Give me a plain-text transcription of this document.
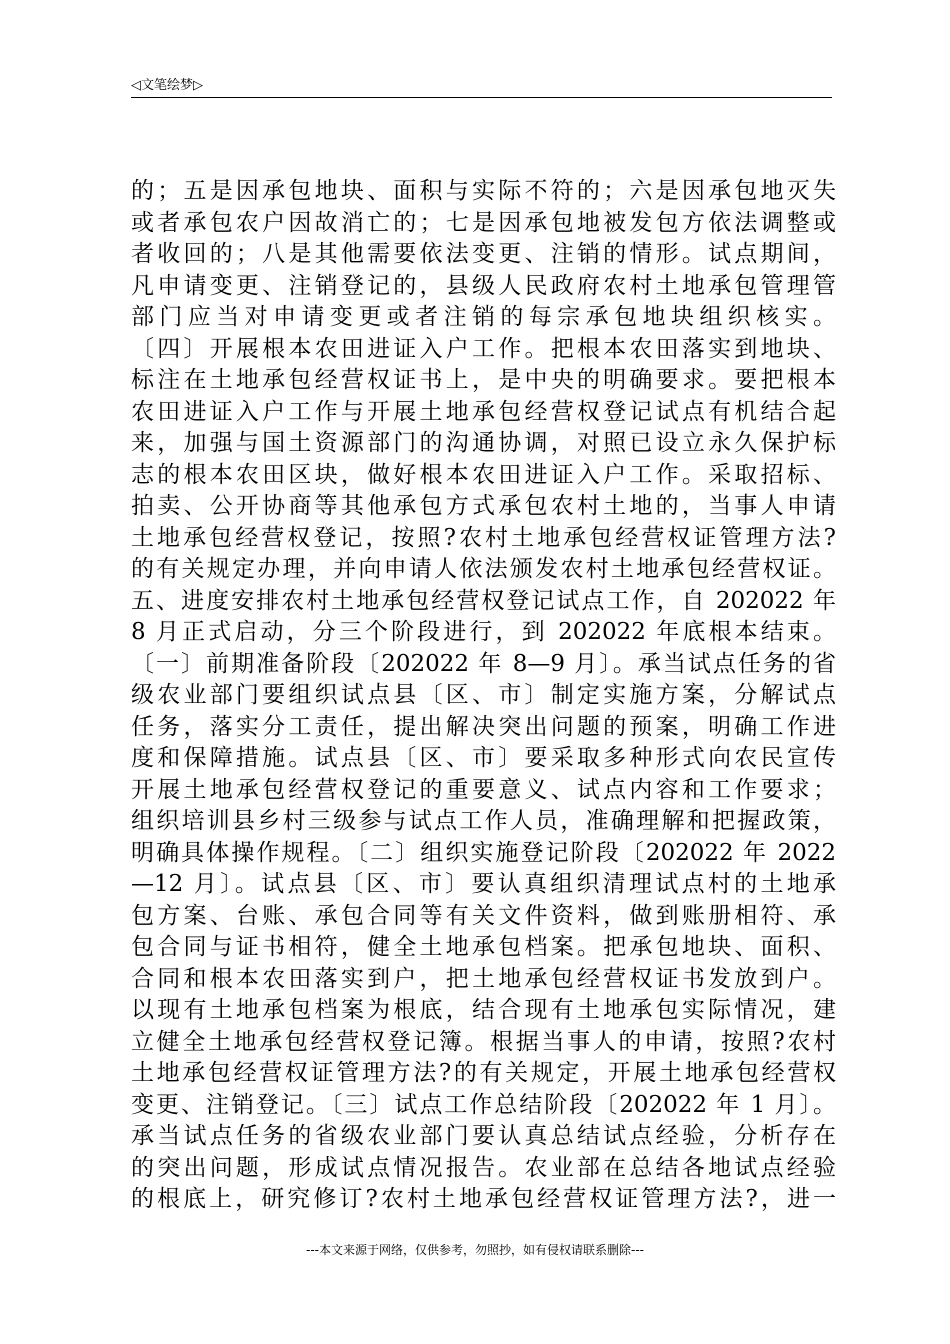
◁文笔绘梦▷
的；五是因承包地块、面积与实际不符的；六是因承包地灭失
或者承包农户因故消亡的；七是因承包地被发包方依法调整或
者收回的；八是其他需要依法变更、注销的情形。试点期间，
凡申请变更、注销登记的，县级人民政府农村土地承包管理管
部门应当对申请变更或者注销的每宗承包地块组织核实。
〔四〕开展根本农田进证入户工作。把根本农田落实到地块、
标注在土地承包经营权证书上，是中央的明确要求。要把根本
农田进证入户工作与开展土地承包经营权登记试点有机结合起
来，加强与国土资源部门的沟通协调，对照已设立永久保护标
志的根本农田区块，做好根本农田进证入户工作。采取招标、
拍卖、公开协商等其他承包方式承包农村土地的，当事人申请
土地承包经营权登记，按照?农村土地承包经营权证管理方法?
的有关规定办理，并向申请人依法颁发农村土地承包经营权证。
五、进度安排农村土地承包经营权登记试点工作，自 202022 年
8 月正式启动，分三个阶段进行，到 202022 年底根本结束。
〔一〕前期准备阶段〔202022 年 8—9 月〕。承当试点任务的省
级农业部门要组织试点县〔区、市〕制定实施方案，分解试点
任务，落实分工责任，提出解决突出问题的预案，明确工作进
度和保障措施。试点县〔区、市〕要采取多种形式向农民宣传
开展土地承包经营权登记的重要意义、试点内容和工作要求；
组织培训县乡村三级参与试点工作人员，准确理解和把握政策，
明确具体操作规程。〔二〕组织实施登记阶段〔202022 年 2022
—12 月〕。试点县〔区、市〕要认真组织清理试点村的土地承
包方案、台账、承包合同等有关文件资料，做到账册相符、承
包合同与证书相符，健全土地承包档案。把承包地块、面积、
合同和根本农田落实到户，把土地承包经营权证书发放到户。
以现有土地承包档案为根底，结合现有土地承包实际情况，建
立健全土地承包经营权登记簿。根据当事人的申请，按照?农村
土地承包经营权证管理方法?的有关规定，开展土地承包经营权
变更、注销登记。〔三〕试点工作总结阶段〔202022 年 1 月〕。
承当试点任务的省级农业部门要认真总结试点经验，分析存在
的突出问题，形成试点情况报告。农业部在总结各地试点经验
的根底上，研究修订?农村土地承包经营权证管理方法?，进一
---本文来源于网络，仅供参考，勿照抄，如有侵权请联系删除---
